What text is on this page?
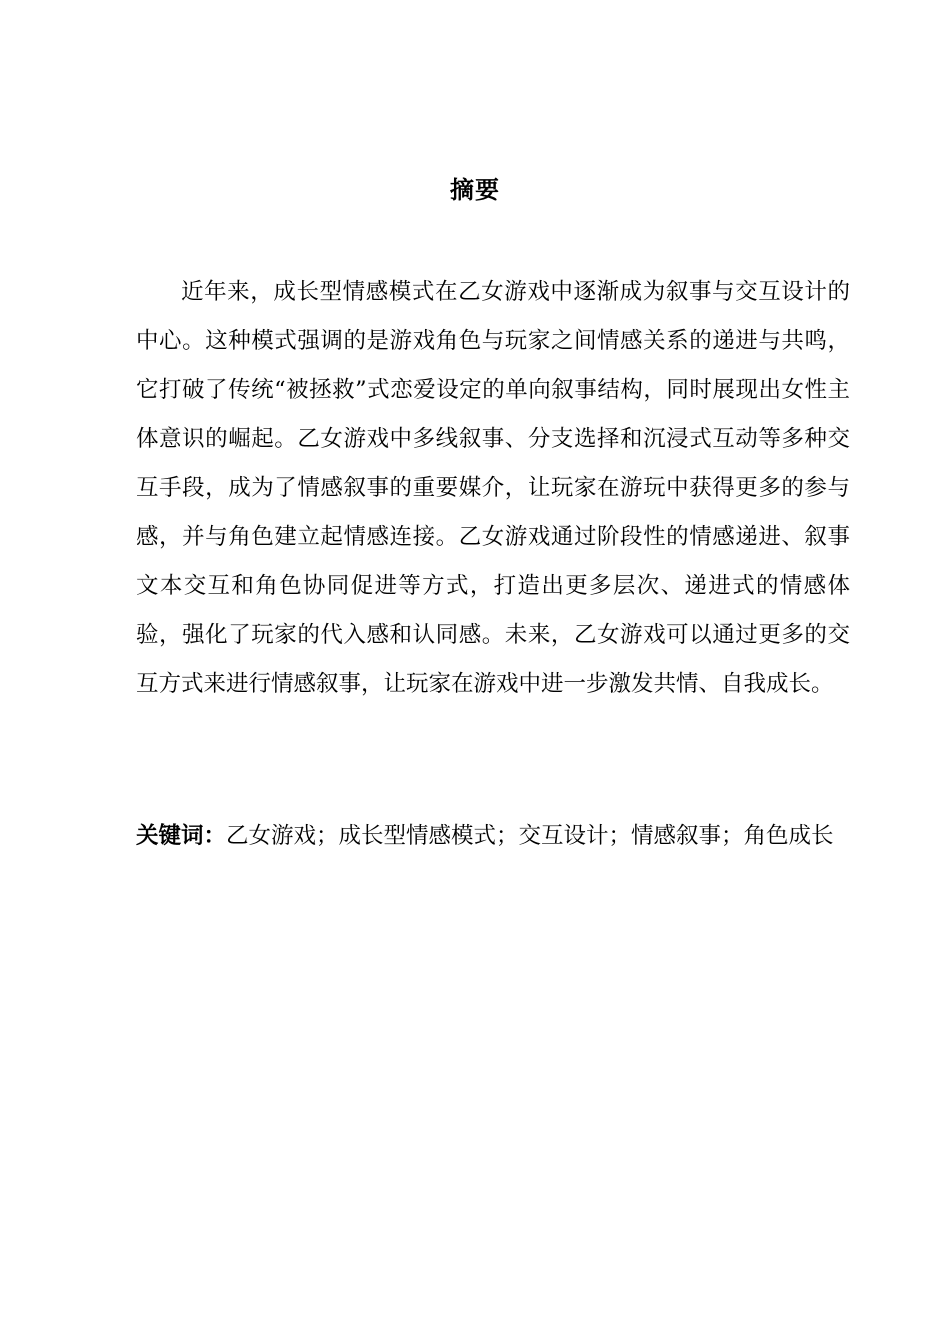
摘要

近年来，成长型情感模式在乙女游戏中逐渐成为叙事与交互设计的中心。这种模式强调的是游戏角色与玩家之间情感关系的递进与共鸣，它打破了传统“被拯救”式恋爱设定的单向叙事结构，同时展现出女性主体意识的崛起。乙女游戏中多线叙事、分支选择和沉浸式互动等多种交互手段，成为了情感叙事的重要媒介，让玩家在游玩中获得更多的参与感，并与角色建立起情感连接。乙女游戏通过阶段性的情感递进、叙事文本交互和角色协同促进等方式，打造出更多层次、递进式的情感体验，强化了玩家的代入感和认同感。未来，乙女游戏可以通过更多的交互方式来进行情感叙事，让玩家在游戏中进一步激发共情、自我成长。

关键词：乙女游戏；成长型情感模式；交互设计；情感叙事；角色成长
